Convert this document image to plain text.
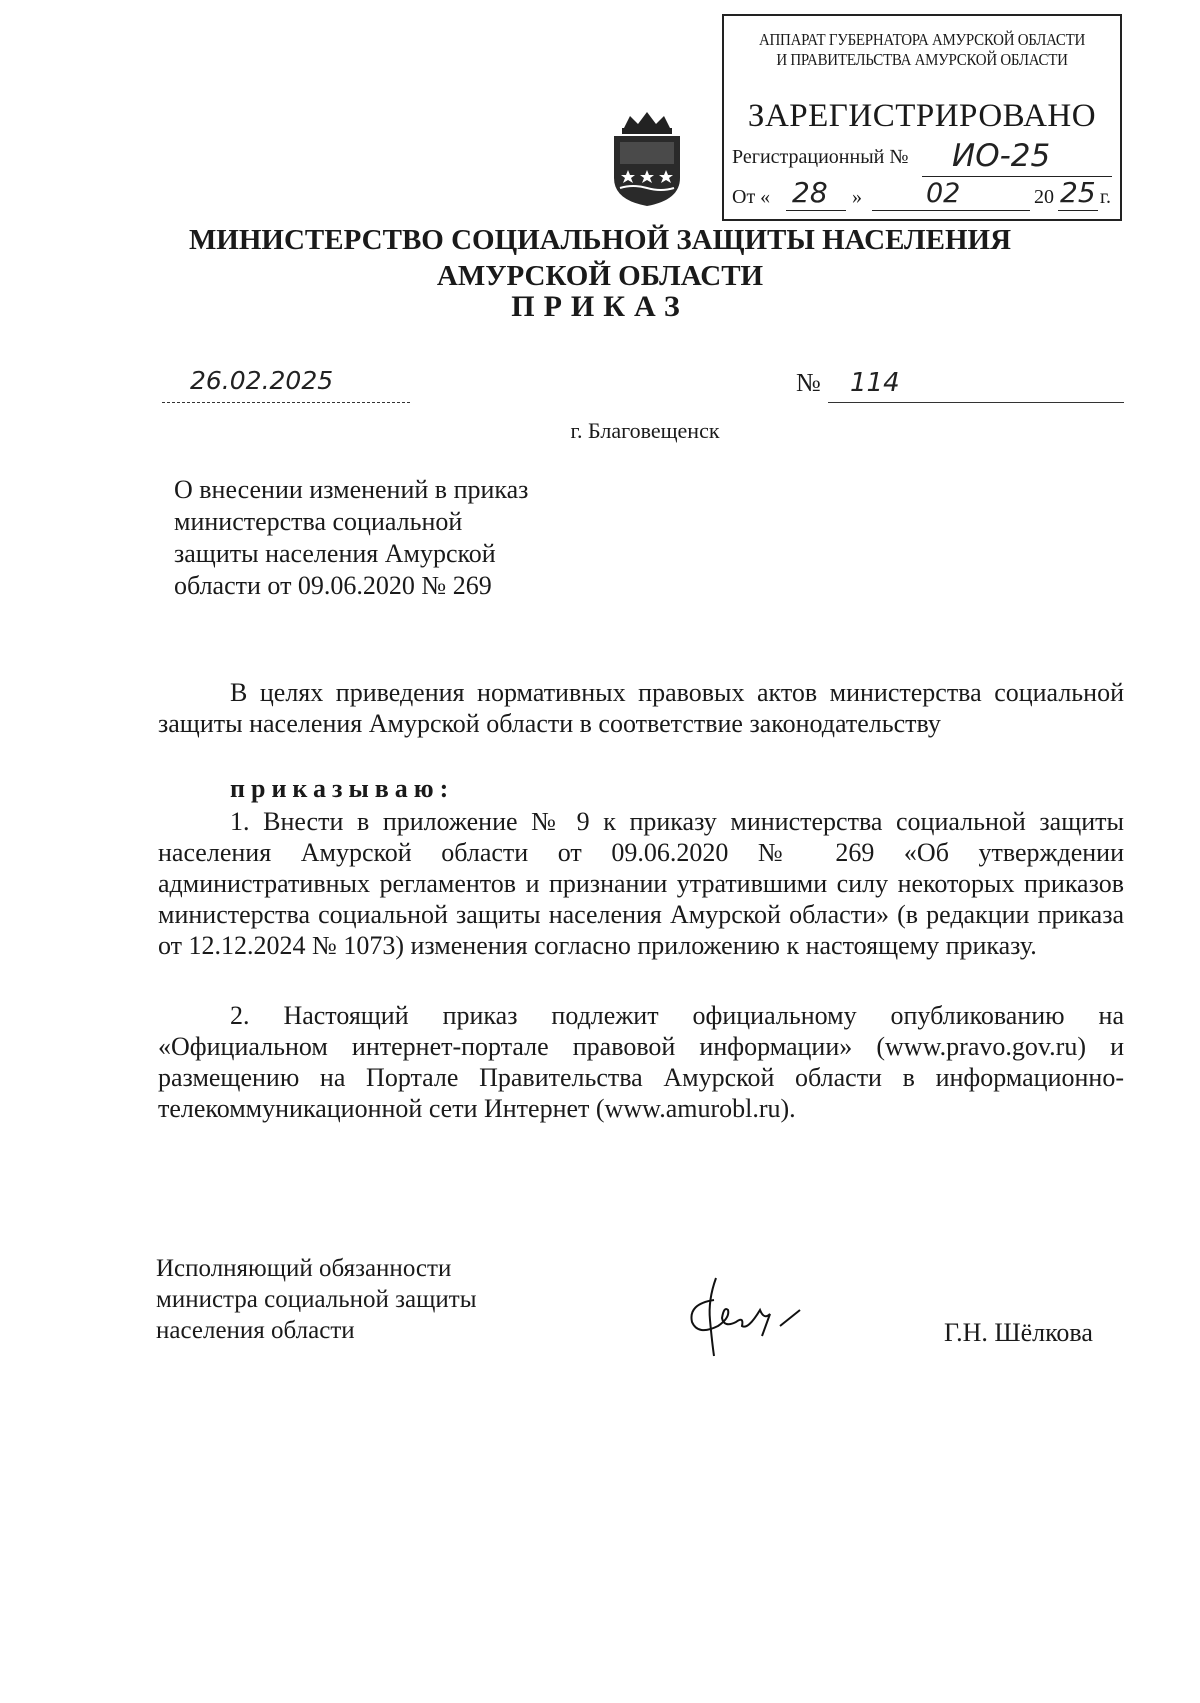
АППАРАТ ГУБЕРНАТОРА АМУРСКОЙ ОБЛАСТИ
И ПРАВИТЕЛЬСТВА АМУРСКОЙ ОБЛАСТИ
ЗАРЕГИСТРИРОВАНО
Регистрационный № ИО-25
От « 28 » 02	20 25 г.
МИНИСТЕРСТВО СОЦИАЛЬНОЙ ЗАЩИТЫ НАСЕЛЕНИЯ
АМУРСКОЙ ОБЛАСТИ
ПРИКАЗ
26.02.2025	№ 114
г. Благовещенск
О внесении изменений в приказ
министерства социальной
защиты населения Амурской
области от 09.06.2020 № 269
В целях приведения нормативных правовых актов министерства социальной защиты населения Амурской области в соответствие законодательству
приказываю:
1. Внести в приложение № 9 к приказу министерства социальной защиты населения Амурской области от 09.06.2020 № 269 «Об утверждении административных регламентов и признании утратившими силу некоторых приказов министерства социальной защиты населения Амурской области» (в редакции приказа от 12.12.2024 № 1073) изменения согласно приложению к настоящему приказу.
2. Настоящий приказ подлежит официальному опубликованию на «Официальном интернет-портале правовой информации» (www.pravo.gov.ru) и размещению на Портале Правительства Амурской области в информационно-телекоммуникационной сети Интернет (www.amurobl.ru).
Исполняющий обязанности
министра социальной защиты
населения области	Г.Н. Шёлкова
